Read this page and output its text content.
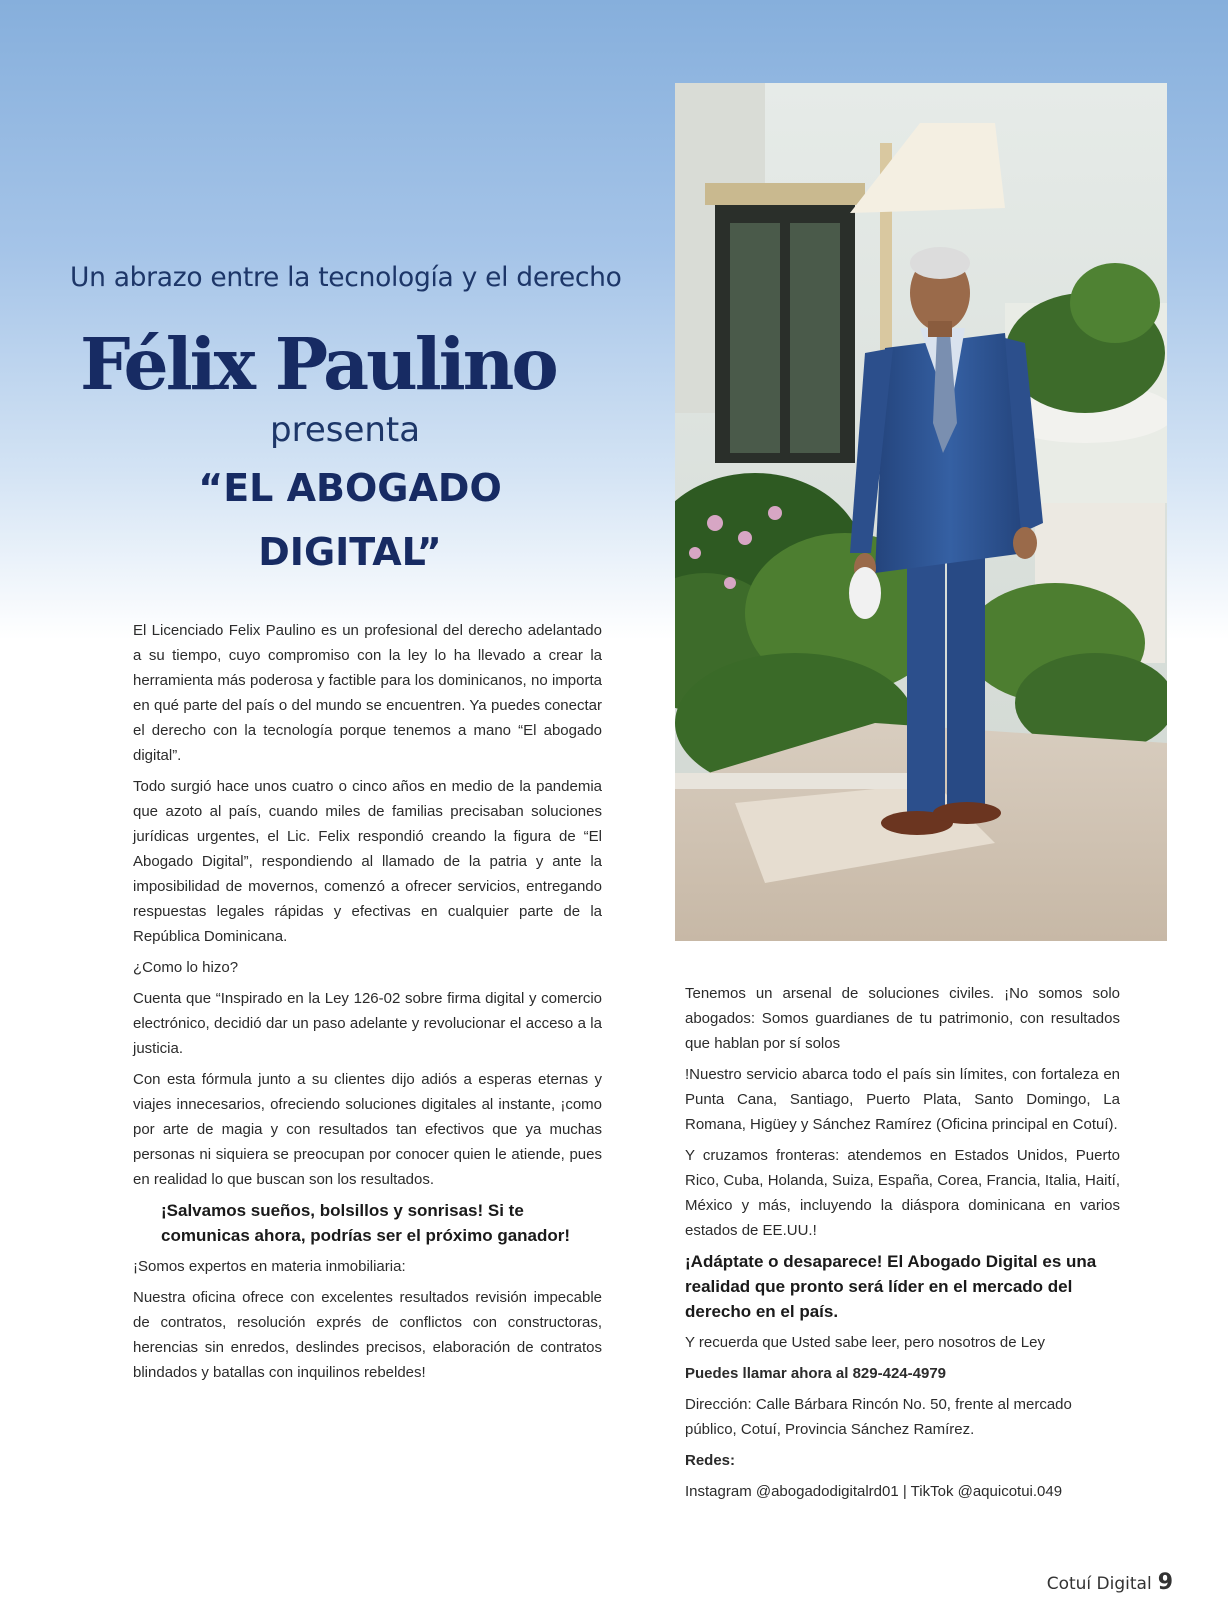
Un abrazo entre la tecnología y el derecho
Félix Paulino
presenta
“EL ABOGADO
DIGITAL”

El Licenciado Felix Paulino es un profesional del derecho adelantado a su tiempo, cuyo compromiso con la ley lo ha llevado a crear la herramienta más poderosa y factible para los dominicanos, no importa en qué parte del país o del mundo se encuentren. Ya puedes conectar el derecho con la tecnología porque tenemos a mano “El abogado digital”.

Todo surgió hace unos cuatro o cinco años en medio de la pandemia que azoto al país, cuando miles de familias precisaban soluciones jurídicas urgentes, el Lic. Felix respondió creando la figura de “El Abogado Digital”, respondiendo al llamado de la patria y ante la imposibilidad de movernos, comenzó a ofrecer servicios, entregando respuestas legales rápidas y efectivas en cualquier parte de la República Dominicana.

¿Como lo hizo?

Cuenta que “Inspirado en la Ley 126-02 sobre firma digital y comercio electrónico, decidió dar un paso adelante y revolucionar el acceso a la justicia.

Con esta fórmula junto a su clientes dijo adiós a esperas eternas y viajes innecesarios, ofreciendo soluciones digitales al instante, ¡como por arte de magia y con resultados tan efectivos que ya muchas personas ni siquiera se preocupan por conocer quien le atiende, pues en realidad lo que buscan son los resultados.

¡Salvamos sueños, bolsillos y sonrisas! Si te comunicas ahora, podrías ser el próximo ganador!

¡Somos expertos en materia inmobiliaria:

Nuestra oficina ofrece con excelentes resultados revisión impecable de contratos, resolución exprés de conflictos con constructoras, herencias sin enredos, deslindes precisos, elaboración de contratos blindados y batallas con inquilinos rebeldes!

Tenemos un arsenal de soluciones civiles. ¡No somos solo abogados: Somos guardianes de tu patrimonio, con resultados que hablan por sí solos

!Nuestro servicio abarca todo el país sin límites, con fortaleza en Punta Cana, Santiago, Puerto Plata, Santo Domingo, La Romana, Higüey y Sánchez Ramírez (Oficina principal en Cotuí).

Y cruzamos fronteras: atendemos en Estados Unidos, Puerto Rico, Cuba, Holanda, Suiza, España, Corea, Francia, Italia, Haití, México y más, incluyendo la diáspora dominicana en varios estados de EE.UU.!

¡Adáptate o desaparece! El Abogado Digital es una realidad que pronto será líder en el mercado del derecho en el país.

Y recuerda que Usted sabe leer, pero nosotros de Ley

Puedes llamar ahora al 829-424-4979

Dirección: Calle Bárbara Rincón No. 50, frente al mercado público, Cotuí, Provincia Sánchez Ramírez.

Redes:

Instagram @abogadodigitalrd01 | TikTok @aquicotui.049

Cotuí Digital 9
